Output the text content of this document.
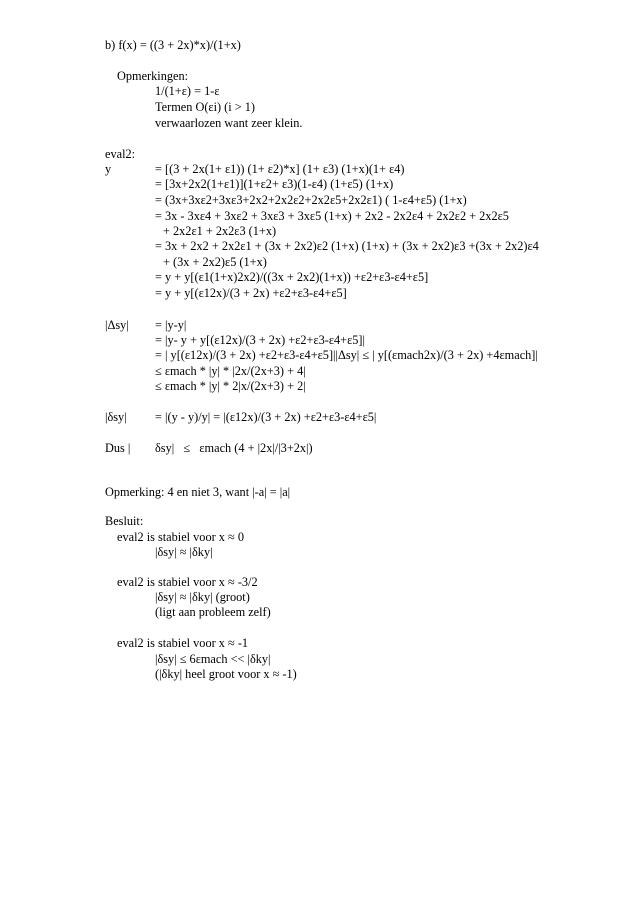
b) f(x) = ((3 + 2x)*x)/(1+x)
Opmerkingen:
1/(1+ε) = 1-ε
Termen O(εi) (i > 1)
verwaarlozen want zeer klein.
eval2:
y	= [(3 + 2x(1+ ε1)) (1+ ε2)*x] (1+ ε3) (1+x)(1+ ε4)
= [3x+2x2(1+ε1)](1+ε2+ ε3)(1-ε4) (1+ε5) (1+x)
= (3x+3xε2+3xε3+2x2+2x2ε2+2x2ε5+2x2ε1) ( 1-ε4+ε5) (1+x)
= 3x - 3xε4 + 3xε2 + 3xε3 + 3xε5 (1+x) + 2x2 - 2x2ε4 + 2x2ε2 + 2x2ε5
+ 2x2ε1 + 2x2ε3 (1+x)
= 3x + 2x2 + 2x2ε1 + (3x + 2x2)ε2 (1+x) (1+x) + (3x + 2x2)ε3 +(3x + 2x2)ε4
+ (3x + 2x2)ε5 (1+x)
= y + y[(ε1(1+x)2x2)/((3x + 2x2)(1+x)) +ε2+ε3-ε4+ε5]
= y + y[(ε12x)/(3 + 2x) +ε2+ε3-ε4+ε5]
|Δsy| = |y-y|
= |y- y + y[(ε12x)/(3 + 2x) +ε2+ε3-ε4+ε5]|
= | y[(ε12x)/(3 + 2x) +ε2+ε3-ε4+ε5]||Δsy| ≤ | y[(εmach2x)/(3 + 2x) +4εmach]|
≤ εmach * |y| * |2x/(2x+3) + 4|
≤ εmach * |y| * 2|x/(2x+3) + 2|
|δsy| = |(y - y)/y| = |(ε12x)/(3 + 2x) +ε2+ε3-ε4+ε5|
Dus | δsy|   ≤   εmach (4 + |2x|/|3+2x|)
Opmerking: 4 en niet 3, want |-a| = |a|
Besluit:
eval2 is stabiel voor x ≈ 0
|δsy| ≈ |δky|
eval2 is stabiel voor x ≈ -3/2
|δsy| ≈ |δky| (groot)
(ligt aan probleem zelf)
eval2 is stabiel voor x ≈ -1
|δsy| ≤ 6εmach << |δky|
(|δky| heel groot voor x ≈ -1)
